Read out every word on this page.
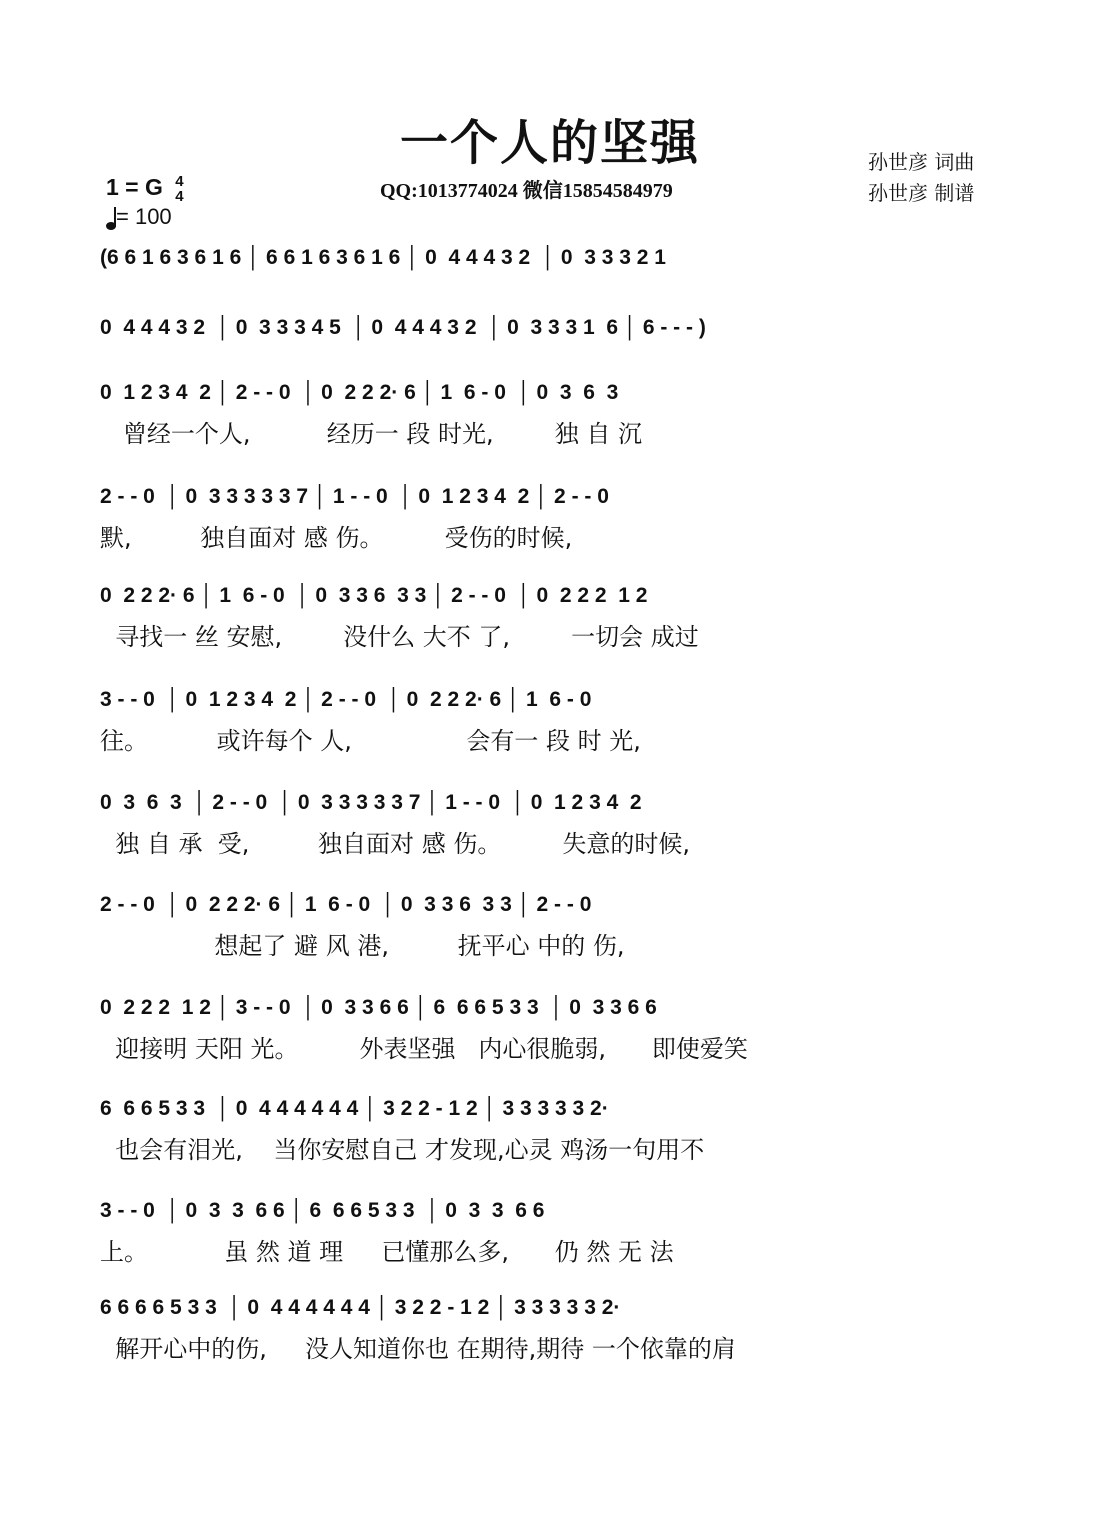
一个人的坚强
QQ:1013774024 微信15854584979
孙世彦 词曲
孙世彦 制谱
1 = G 4
4
= 100
(6 6 1 6 3 6 1 6 │ 6 6 1 6 3 6 1 6 │ 0  4 4 4 3 2  │ 0  3 3 3 2 1
0  4 4 4 3 2  │ 0  3 3 3 4 5  │ 0  4 4 4 3 2  │ 0  3 3 3 1  6 │ 6 - - - )
0  1 2 3 4  2 │ 2 - - 0  │ 0  2 2 2· 6 │ 1  6 - 0  │ 0  3  6  3
曾经一个人,          经历一 段 时光,        独 自 沉
2 - - 0  │ 0  3 3 3 3 3 7 │ 1 - - 0  │ 0  1 2 3 4  2 │ 2 - - 0
默,         独自面对 感 伤。        受伤的时候,
0  2 2 2· 6 │ 1  6 - 0  │ 0  3 3 6  3 3 │ 2 - - 0  │ 0  2 2 2  1 2
寻找一 丝 安慰,        没什么 大不 了,        一切会 成过
3 - - 0  │ 0  1 2 3 4  2 │ 2 - - 0  │ 0  2 2 2· 6 │ 1  6 - 0
往。         或许每个 人,               会有一 段 时 光,
0  3  6  3  │ 2 - - 0  │ 0  3 3 3 3 3 7 │ 1 - - 0  │ 0  1 2 3 4  2
独 自 承  受,         独自面对 感 伤。        失意的时候,
2 - - 0  │ 0  2 2 2· 6 │ 1  6 - 0  │ 0  3 3 6  3 3 │ 2 - - 0
想起了 避 风 港,         抚平心 中的 伤,
0  2 2 2  1 2 │ 3 - - 0  │ 0  3 3 6 6 │ 6  6 6 5 3 3  │ 0  3 3 6 6
迎接明 天阳 光。        外表坚强   内心很脆弱,      即使爱笑
6  6 6 5 3 3  │ 0  4 4 4 4 4 4 │ 3 2 2 - 1 2 │ 3 3 3 3 3 2·
也会有泪光,    当你安慰自己 才发现,心灵 鸡汤一句用不
3 - - 0  │ 0  3  3  6 6 │ 6  6 6 5 3 3  │ 0  3  3  6 6
上。          虽 然 道 理     已懂那么多,      仍 然 无 法
6 6 6 6 5 3 3  │ 0  4 4 4 4 4 4 │ 3 2 2 - 1 2 │ 3 3 3 3 3 2·
解开心中的伤,     没人知道你也 在期待,期待 一个依靠的肩
